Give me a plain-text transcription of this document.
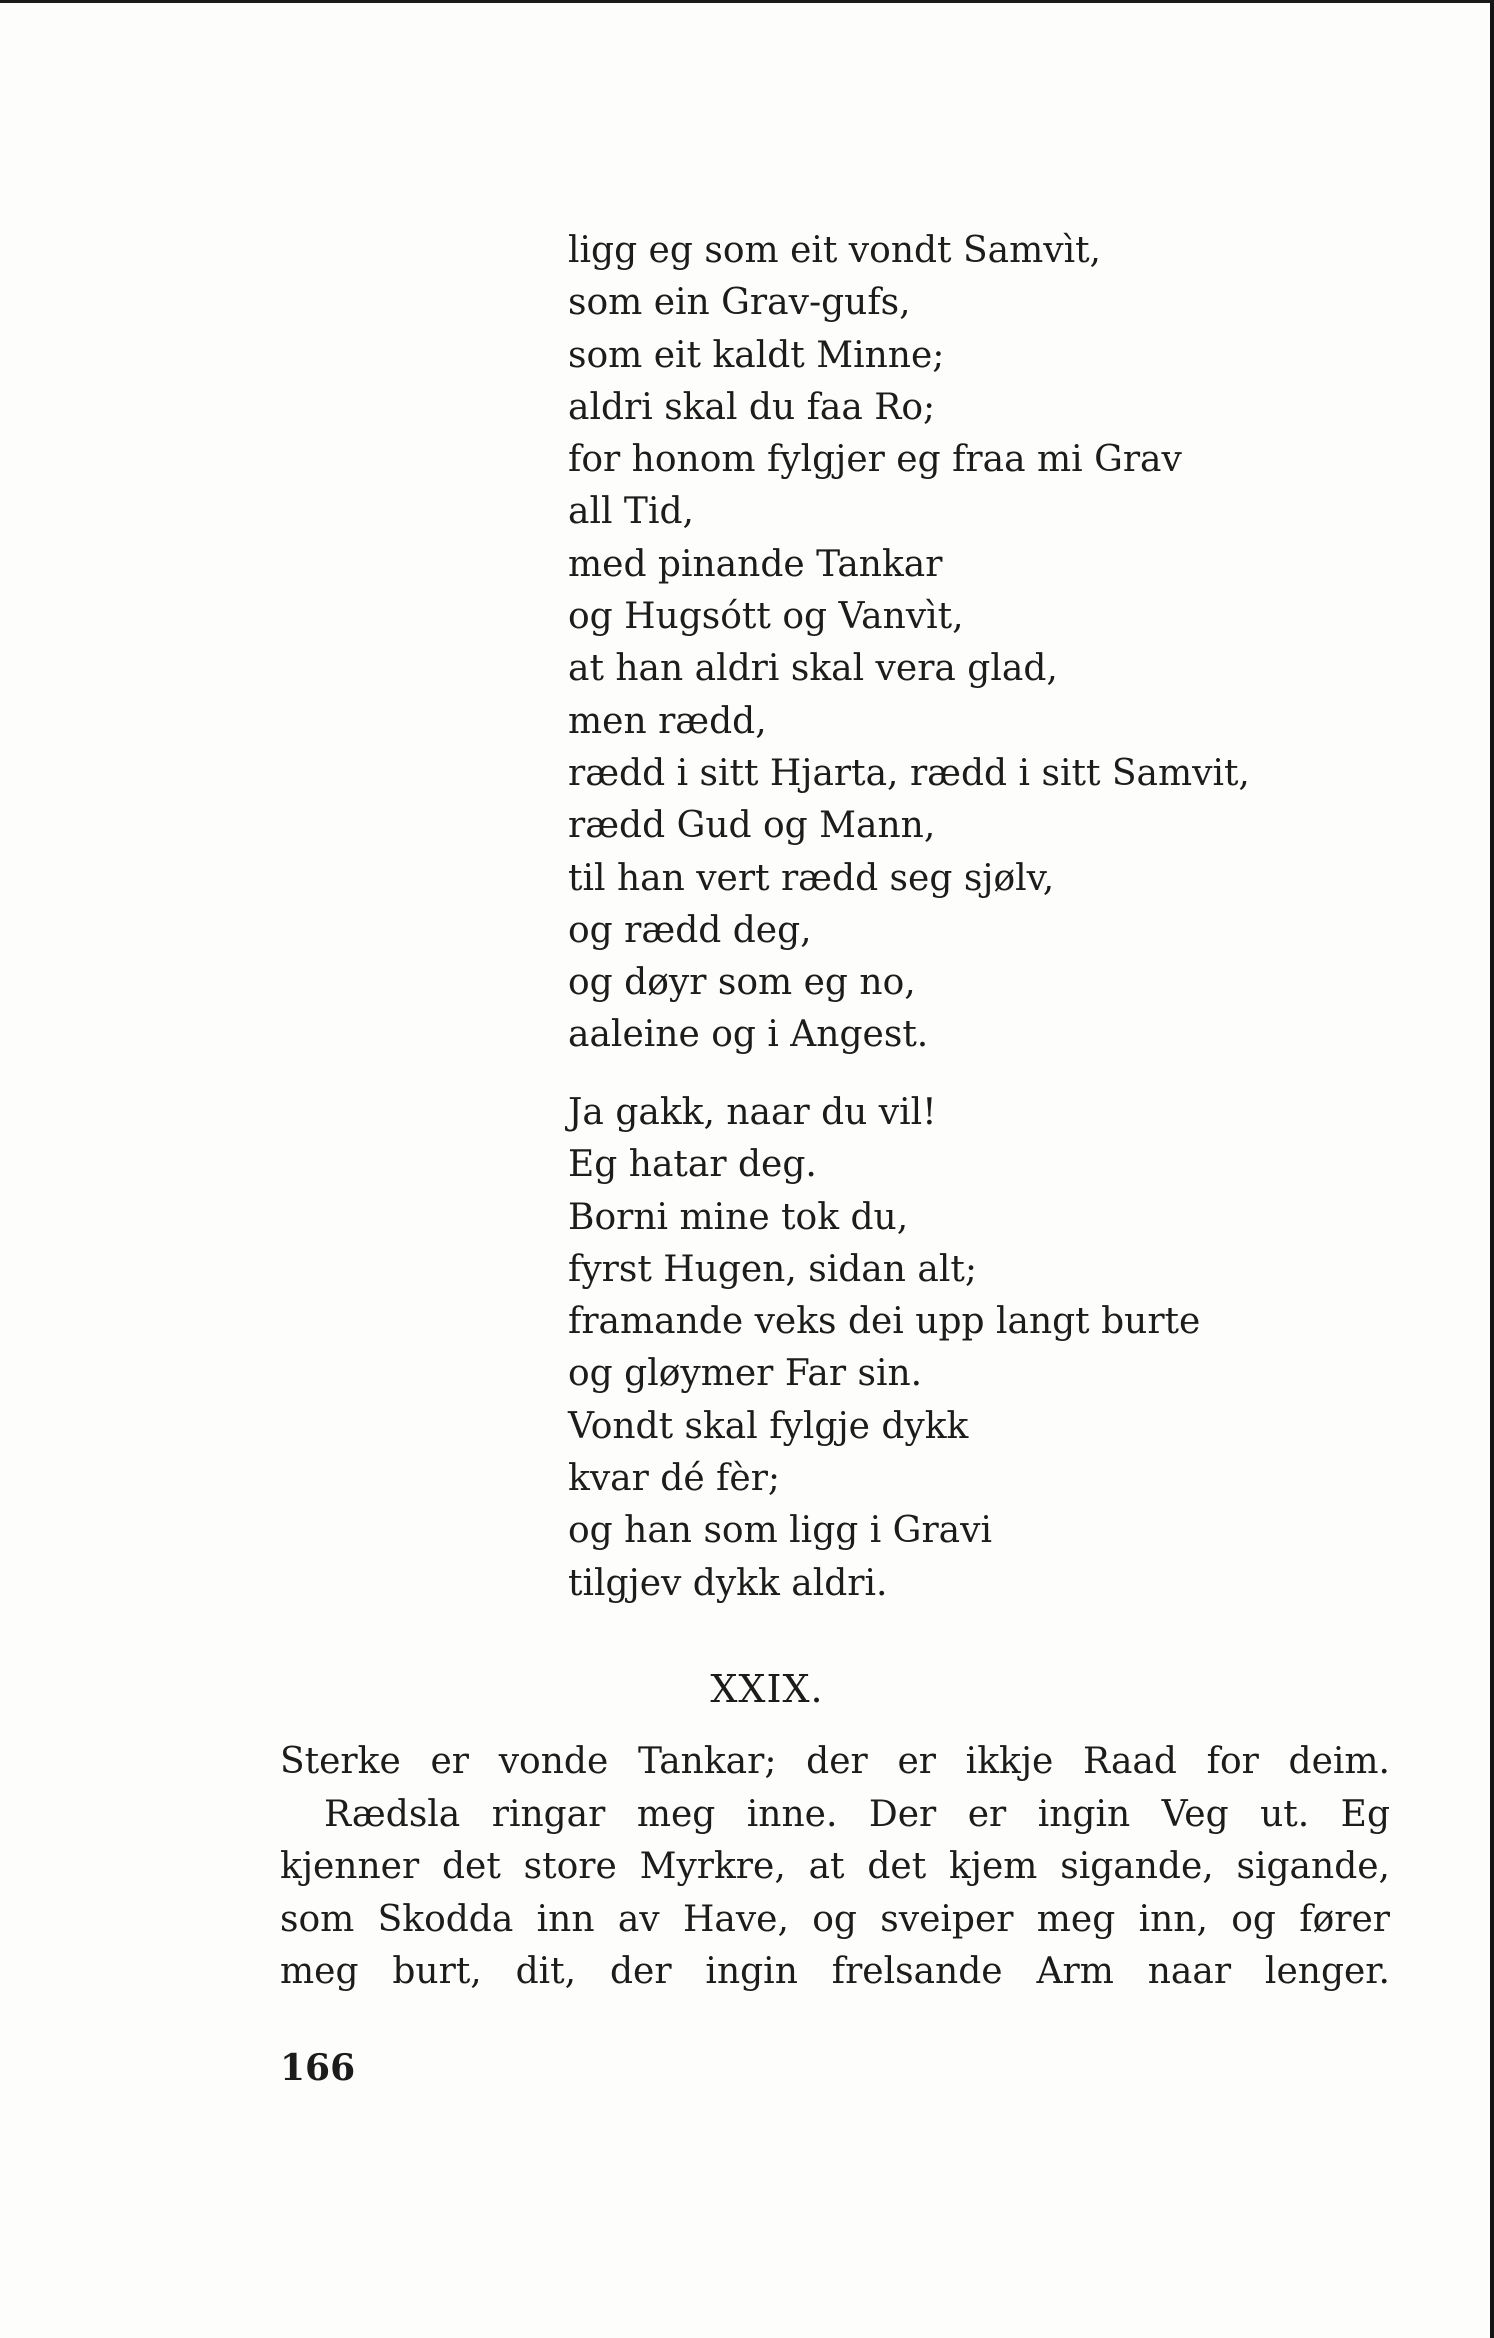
ligg eg som eit vondt Samvìt,
som ein Grav-gufs,
som eit kaldt Minne;
aldri skal du faa Ro;
for honom fylgjer eg fraa mi Grav
all Tid,
med pinande Tankar
og Hugsótt og Vanvìt,
at han aldri skal vera glad,
men rædd,
rædd i sitt Hjarta, rædd i sitt Samvit,
rædd Gud og Mann,
til han vert rædd seg sjølv,
og rædd deg,
og døyr som eg no,
aaleine og i Angest.
Ja gakk, naar du vil!
Eg hatar deg.
Borni mine tok du,
fyrst Hugen, sidan alt;
framande veks dei upp langt burte
og gløymer Far sin.
Vondt skal fylgje dykk
kvar dé fèr;
og han som ligg i Gravi
tilgjev dykk aldri.
XXIX.
Sterke er vonde Tankar; der er ikkje Raad for deim.
Rædsla ringar meg inne. Der er ingin Veg ut. Eg
kjenner det store Myrkre, at det kjem sigande, sigande,
som Skodda inn av Have, og sveiper meg inn, og fører
meg burt, dit, der ingin frelsande Arm naar lenger.
166
